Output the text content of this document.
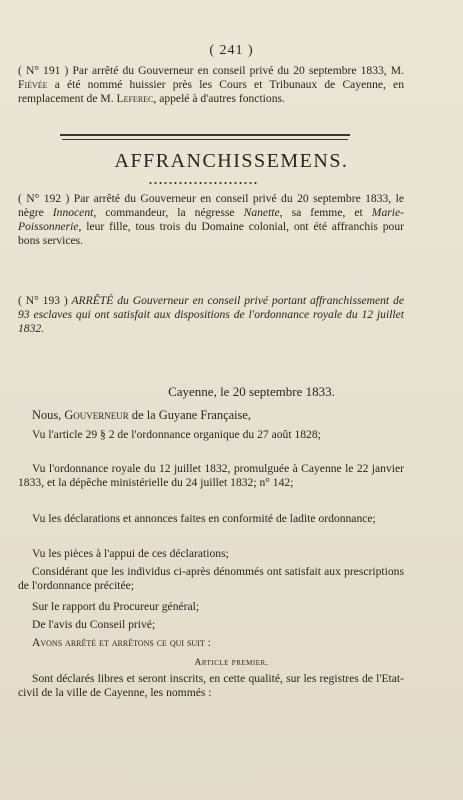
( 241 )
( N° 191 ) Par arrêté du Gouverneur en conseil privé du 20 septembre 1833, M. Fiévée a été nommé huissier près les Cours et Tribunaux de Cayenne, en remplacement de M. Leferec, appelé à d'autres fonctions.
AFFRANCHISSEMENS.
( N° 192 ) Par arrêté du Gouverneur en conseil privé du 20 septembre 1833, le nègre Innocent, commandeur, la négresse Nanette, sa femme, et Marie-Poissonnerie, leur fille, tous trois du Domaine colonial, ont été affranchis pour bons services.
( N° 193 ) ARRÊTÉ du Gouverneur en conseil privé portant affranchissement de 93 esclaves qui ont satisfait aux dispositions de l'ordonnance royale du 12 juillet 1832.
Cayenne, le 20 septembre 1833.
Nous, Gouverneur de la Guyane Française,
Vu l'article 29 § 2 de l'ordonnance organique du 27 août 1828;
Vu l'ordonnance royale du 12 juillet 1832, promulguée à Cayenne le 22 janvier 1833, et la dépêche ministérielle du 24 juillet 1832; n° 142;
Vu les déclarations et annonces faites en conformité de ladite ordonnance;
Vu les pièces à l'appui de ces déclarations;
Considérant que les individus ci-après dénommés ont satisfait aux prescriptions de l'ordonnance précitée;
Sur le rapport du Procureur général;
De l'avis du Conseil privé;
Avons arrêté et arrêtons ce qui suit :
Article premier.
Sont déclarés libres et seront inscrits, en cette qualité, sur les registres de l'Etat-civil de la ville de Cayenne, les nommés :
